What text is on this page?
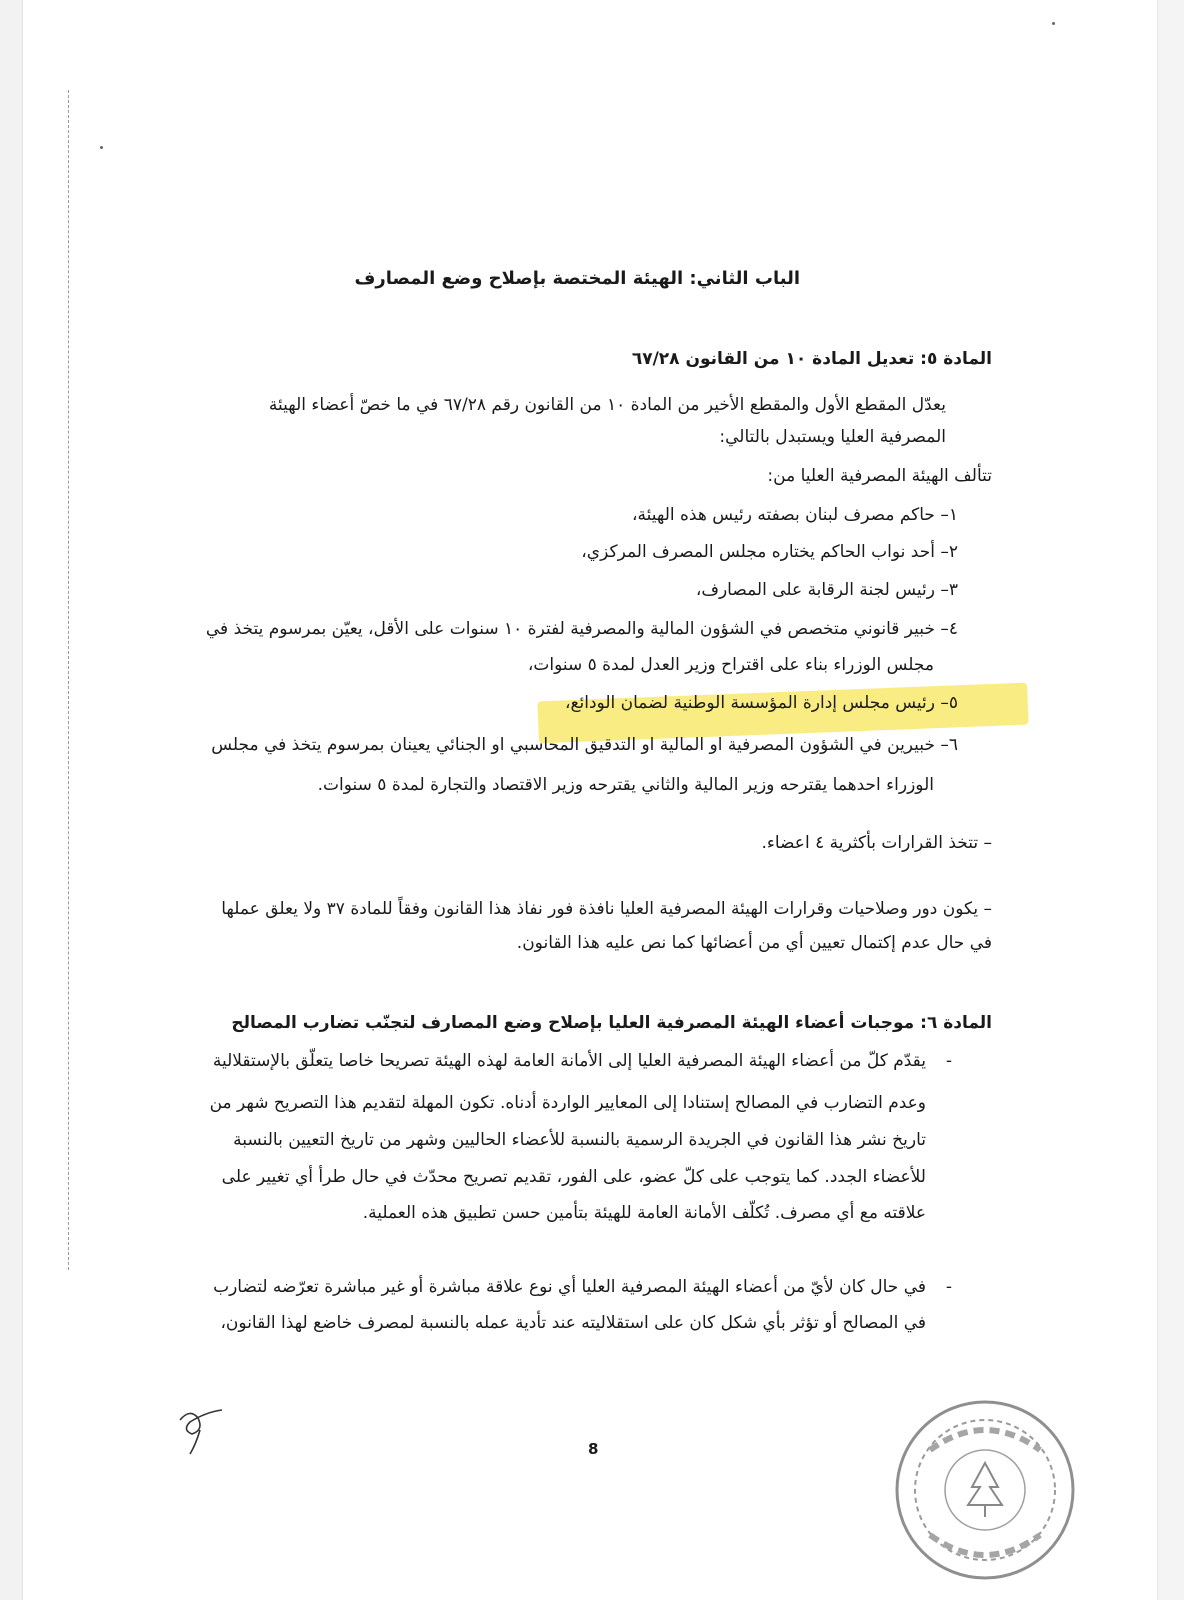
الباب الثاني: الهيئة المختصة بإصلاح وضع المصارف
المادة ٥: تعديل المادة ١٠ من القانون ٦٧/٢٨
يعدّل المقطع الأول والمقطع الأخير من المادة ١٠ من القانون رقم ٦٧/٢٨ في ما خصّ أعضاء الهيئة
المصرفية العليا ويستبدل بالتالي:
تتألف الهيئة المصرفية العليا من:
١– حاكم مصرف لبنان بصفته رئيس هذه الهيئة،
٢– أحد نواب الحاكم يختاره مجلس المصرف المركزي،
٣– رئيس لجنة الرقابة على المصارف،
٤– خبير قانوني متخصص في الشؤون المالية والمصرفية لفترة ١٠ سنوات على الأقل، يعيّن بمرسوم يتخذ في
مجلس الوزراء بناء على اقتراح وزير العدل لمدة ٥ سنوات،
٥– رئيس مجلس إدارة المؤسسة الوطنية لضمان الودائع،
٦– خبيرين في الشؤون المصرفية او المالية او التدقيق المحاسبي او الجنائي يعينان بمرسوم يتخذ في مجلس
الوزراء احدهما يقترحه وزير المالية والثاني يقترحه وزير الاقتصاد والتجارة لمدة ٥ سنوات.
– تتخذ القرارات بأكثرية ٤ اعضاء.
– يكون دور وصلاحيات وقرارات الهيئة المصرفية العليا نافذة فور نفاذ هذا القانون وفقاً للمادة ٣٧ ولا يعلق عملها
في حال عدم إكتمال تعيين أي من أعضائها كما نص عليه هذا القانون.
المادة ٦: موجبات أعضاء الهيئة المصرفية العليا بإصلاح وضع المصارف لتجنّب تضارب المصالح
-
يقدّم كلّ من أعضاء الهيئة المصرفية العليا إلى الأمانة العامة لهذه الهيئة تصريحا خاصا يتعلّق بالإستقلالية
وعدم التضارب في المصالح إستنادا إلى المعايير الواردة أدناه. تكون المهلة لتقديم هذا التصريح شهر من
تاريخ نشر هذا القانون في الجريدة الرسمية بالنسبة للأعضاء الحاليين وشهر من تاريخ التعيين بالنسبة
للأعضاء الجدد. كما يتوجب على كلّ عضو، على الفور، تقديم تصريح محدّث في حال طرأ أي تغيير على
علاقته مع أي مصرف. تُكلّف الأمانة العامة للهيئة بتأمين حسن تطبيق هذه العملية.
-
في حال كان لأيّ من أعضاء الهيئة المصرفية العليا أي نوع علاقة مباشرة أو غير مباشرة تعرّضه لتضارب
في المصالح أو تؤثر بأي شكل كان على استقلاليته عند تأدية عمله بالنسبة لمصرف خاضع لهذا القانون،
8
